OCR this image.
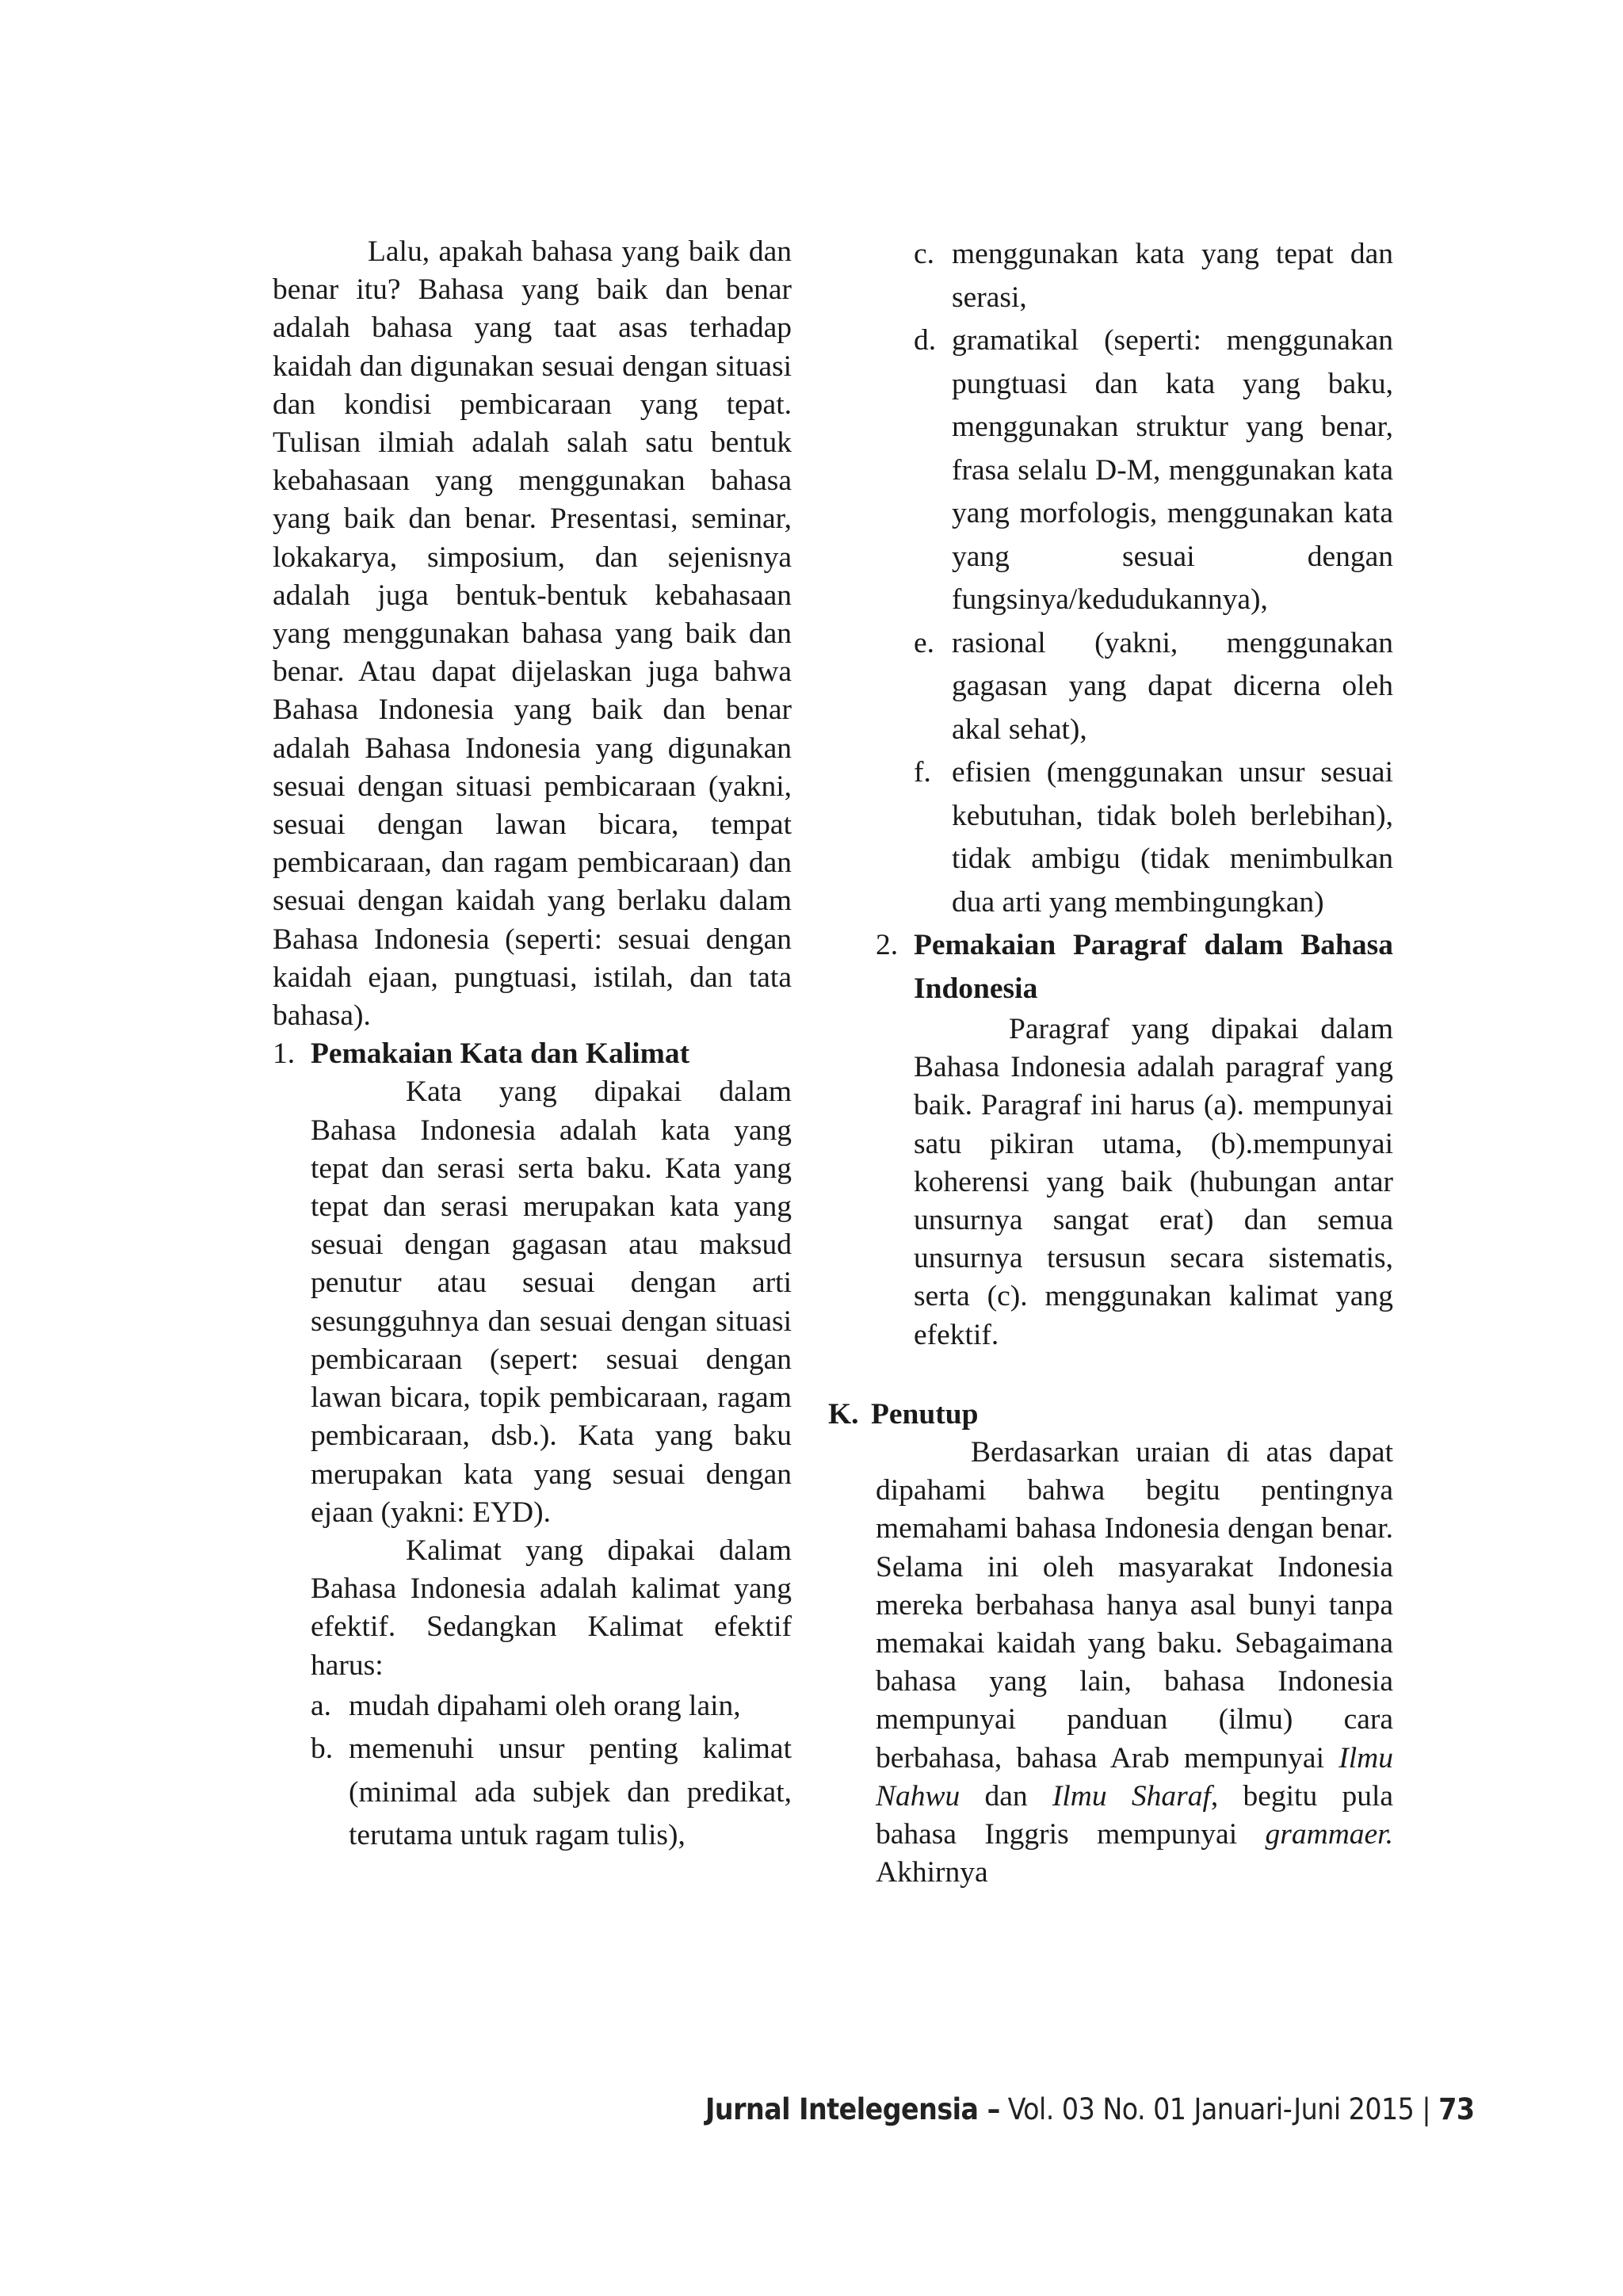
Lalu, apakah bahasa yang baik dan benar itu? Bahasa yang baik dan benar adalah bahasa yang taat asas terhadap kaidah dan digunakan sesuai dengan situasi dan kondisi pembicaraan yang tepat. Tulisan ilmiah adalah salah satu bentuk kebahasaan yang menggunakan bahasa yang baik dan benar. Presentasi, seminar, lokakarya, simposium, dan sejenisnya adalah juga bentuk-bentuk kebahasaan yang menggunakan bahasa yang baik dan benar. Atau dapat dijelaskan juga bahwa Bahasa Indonesia yang baik dan benar adalah Bahasa Indonesia yang digunakan sesuai dengan situasi pembicaraan (yakni, sesuai dengan lawan bicara, tempat pembicaraan, dan ragam pembicaraan) dan sesuai dengan kaidah yang berlaku dalam Bahasa Indonesia (seperti: sesuai dengan kaidah ejaan, pungtuasi, istilah, dan tata bahasa).

1. Pemakaian Kata dan Kalimat

Kata yang dipakai dalam Bahasa Indonesia adalah kata yang tepat dan serasi serta baku. Kata yang tepat dan serasi merupakan kata yang sesuai dengan gagasan atau maksud penutur atau sesuai dengan arti sesungguhnya dan sesuai dengan situasi pembicaraan (sepert: sesuai dengan lawan bicara, topik pembicaraan, ragam pembicaraan, dsb.). Kata yang baku merupakan kata yang sesuai dengan ejaan (yakni: EYD).

Kalimat yang dipakai dalam Bahasa Indonesia adalah kalimat yang efektif. Sedangkan Kalimat efektif harus:

a. mudah dipahami oleh orang lain,
b. memenuhi unsur penting kalimat (minimal ada subjek dan predikat, terutama untuk ragam tulis),
c. menggunakan kata yang tepat dan serasi,
d. gramatikal (seperti: menggunakan pungtuasi dan kata yang baku, menggunakan struktur yang benar, frasa selalu D-M, menggunakan kata yang morfologis, menggunakan kata yang sesuai dengan fungsinya/kedudukannya),
e. rasional (yakni, menggunakan gagasan yang dapat dicerna oleh akal sehat),
f. efisien (menggunakan unsur sesuai kebutuhan, tidak boleh berlebihan), tidak ambigu (tidak menimbulkan dua arti yang membingungkan)
2. Pemakaian Paragraf dalam Bahasa Indonesia

Paragraf yang dipakai dalam Bahasa Indonesia adalah paragraf yang baik. Paragraf ini harus (a). mempunyai satu pikiran utama, (b).mempunyai koherensi yang baik (hubungan antar unsurnya sangat erat) dan semua unsurnya tersusun secara sistematis, serta (c). menggunakan kalimat yang efektif.

K. Penutup

Berdasarkan uraian di atas dapat dipahami bahwa begitu pentingnya memahami bahasa Indonesia dengan benar. Selama ini oleh masyarakat Indonesia mereka berbahasa hanya asal bunyi tanpa memakai kaidah yang baku. Sebagaimana bahasa yang lain, bahasa Indonesia mempunyai panduan (ilmu) cara berbahasa, bahasa Arab mempunyai Ilmu Nahwu dan Ilmu Sharaf, begitu pula bahasa Inggris mempunyai grammaer. Akhirnya

Jurnal Intelegensia – Vol. 03 No. 01 Januari-Juni 2015 | 73
